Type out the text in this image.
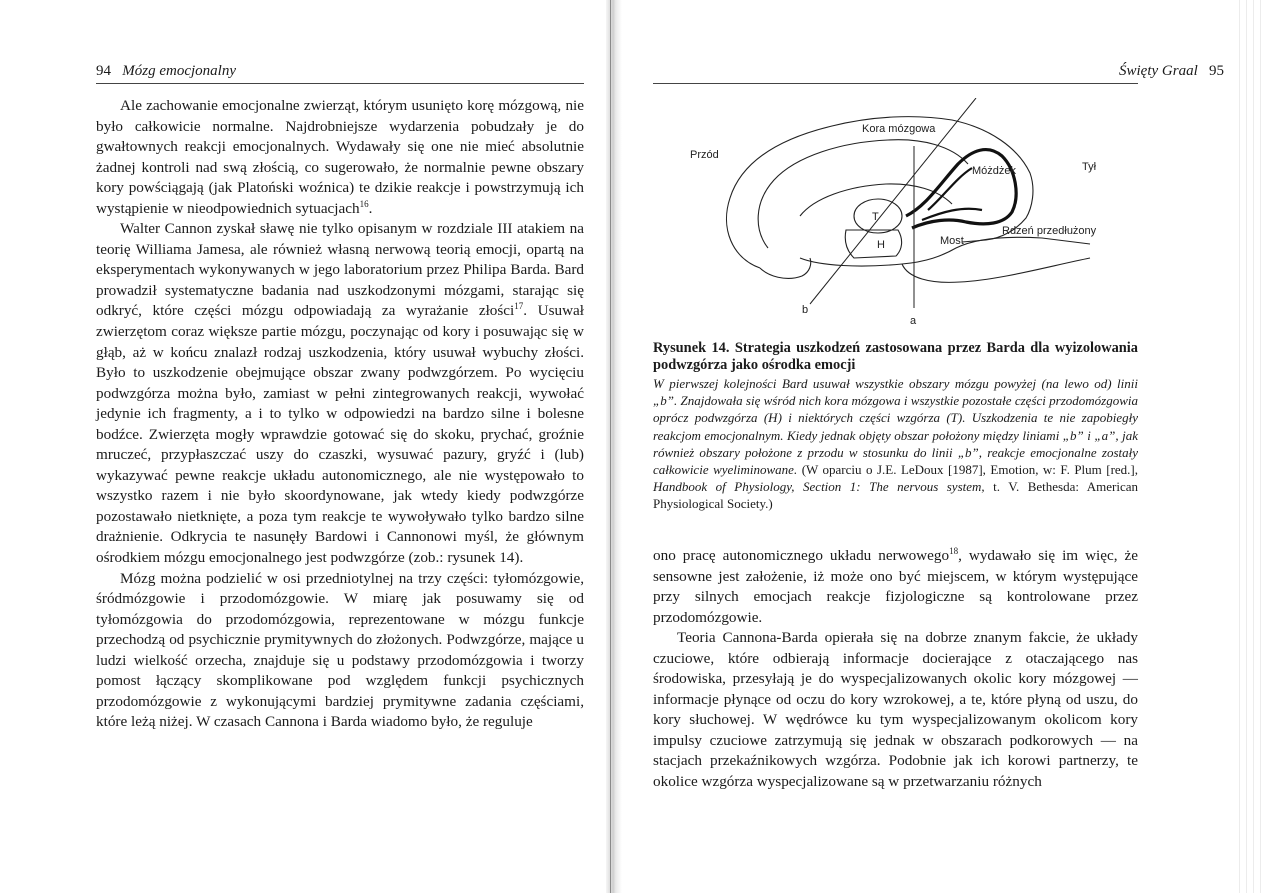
94 Mózg emocjonalny

Ale zachowanie emocjonalne zwierząt, którym usunięto korę mózgową, nie było całkowicie normalne. Najdrobniejsze wydarzenia pobudzały je do gwałtownych reakcji emocjonalnych. Wydawały się one nie mieć absolutnie żadnej kontroli nad swą złością, co sugerowało, że normalnie pewne obszary kory powściągają (jak Platoński woźnica) te dzikie reakcje i powstrzymują ich wystąpienie w nieodpowiednich sytuacjach$^{16}$.

Walter Cannon zyskał sławę nie tylko opisanym w rozdziale III atakiem na teorię Williama Jamesa, ale również własną nerwową teorią emocji, opartą na eksperymentach wykonywanych w jego laboratorium przez Philipa Barda. Bard prowadził systematyczne badania nad uszkodzonymi mózgami, starając się odkryć, które części mózgu odpowiadają za wyrażanie złości$^{17}$. Usuwał zwierzętom coraz większe partie mózgu, poczynając od kory i posuwając się w głąb, aż w końcu znalazł rodzaj uszkodzenia, który usuwał wybuchy złości. Było to uszkodzenie obejmujące obszar zwany podwzgórzem. Po wycięciu podwzgórza można było, zamiast w pełni zintegrowanych reakcji, wywołać jedynie ich fragmenty, a i to tylko w odpowiedzi na bardzo silne i bolesne bodźce. Zwierzęta mogły wprawdzie gotować się do skoku, prychać, groźnie mruczeć, przypłaszczać uszy do czaszki, wysuwać pazury, gryźć i (lub) wykazywać pewne reakcje układu autonomicznego, ale nie występowało to wszystko razem i nie było skoordynowane, jak wtedy kiedy podwzgórze pozostawało nietknięte, a poza tym reakcje te wywoływało tylko bardzo silne drażnienie. Odkrycia te nasunęły Bardowi i Cannonowi myśl, że głównym ośrodkiem mózgu emocjonalnego jest podwzgórze (zob.: rysunek 14).

Mózg można podzielić w osi przedniotylnej na trzy części: tyłomózgowie, śródmózgowie i przodomózgowie. W miarę jak posuwamy się od tyłomózgowia do przodomózgowia, reprezentowane w mózgu funkcje przechodzą od psychicznie prymitywnych do złożonych. Podwzgórze, mające u ludzi wielkość orzecha, znajduje się u podstawy przodomózgowia i tworzy pomost łączący skomplikowane pod względem funkcji psychicznych przodomózgowie z wykonującymi bardziej prymitywne zadania częściami, które leżą niżej. W czasach Cannona i Barda wiadomo było, że reguluje

Święty Graal 95
Przód
Tył
Kora mózgowa
Móżdżek
Most
Rdzeń przedłużony
T
H
a
b
Rysunek 14. Strategia uszkodzeń zastosowana przez Barda dla wyizolowania podwzgórza jako ośrodka emocji
W pierwszej kolejności Bard usuwał wszystkie obszary mózgu powyżej (na lewo od) linii „b”. Znajdowała się wśród nich kora mózgowa i wszystkie pozostałe części przodomózgowia oprócz podwzgórza (H) i niektórych części wzgórza (T). Uszkodzenia te nie zapobiegły reakcjom emocjonalnym. Kiedy jednak objęty obszar położony między liniami „b” i „a”, jak również obszary położone z przodu w stosunku do linii „b”, reakcje emocjonalne zostały całkowicie wyeliminowane. (W oparciu o J.E. LeDoux [1987], Emotion, w: F. Plum [red.], Handbook of Physiology, Section 1: The nervous system, t. V. Bethesda: American Physiological Society.)

ono pracę autonomicznego układu nerwowego$^{18}$, wydawało się im więc, że sensowne jest założenie, iż może ono być miejscem, w którym występujące przy silnych emocjach reakcje fizjologiczne są kontrolowane przez przodomózgowie.

Teoria Cannona-Barda opierała się na dobrze znanym fakcie, że układy czuciowe, które odbierają informacje docierające z otaczającego nas środowiska, przesyłają je do wyspecjalizowanych okolic kory mózgowej — informacje płynące od oczu do kory wzrokowej, a te, które płyną od uszu, do kory słuchowej. W wędrówce ku tym wyspecjalizowanym okolicom kory impulsy czuciowe zatrzymują się jednak w obszarach podkorowych — na stacjach przekaźnikowych wzgórza. Podobnie jak ich korowi partnerzy, te okolice wzgórza wyspecjalizowane są w przetwarzaniu różnych
